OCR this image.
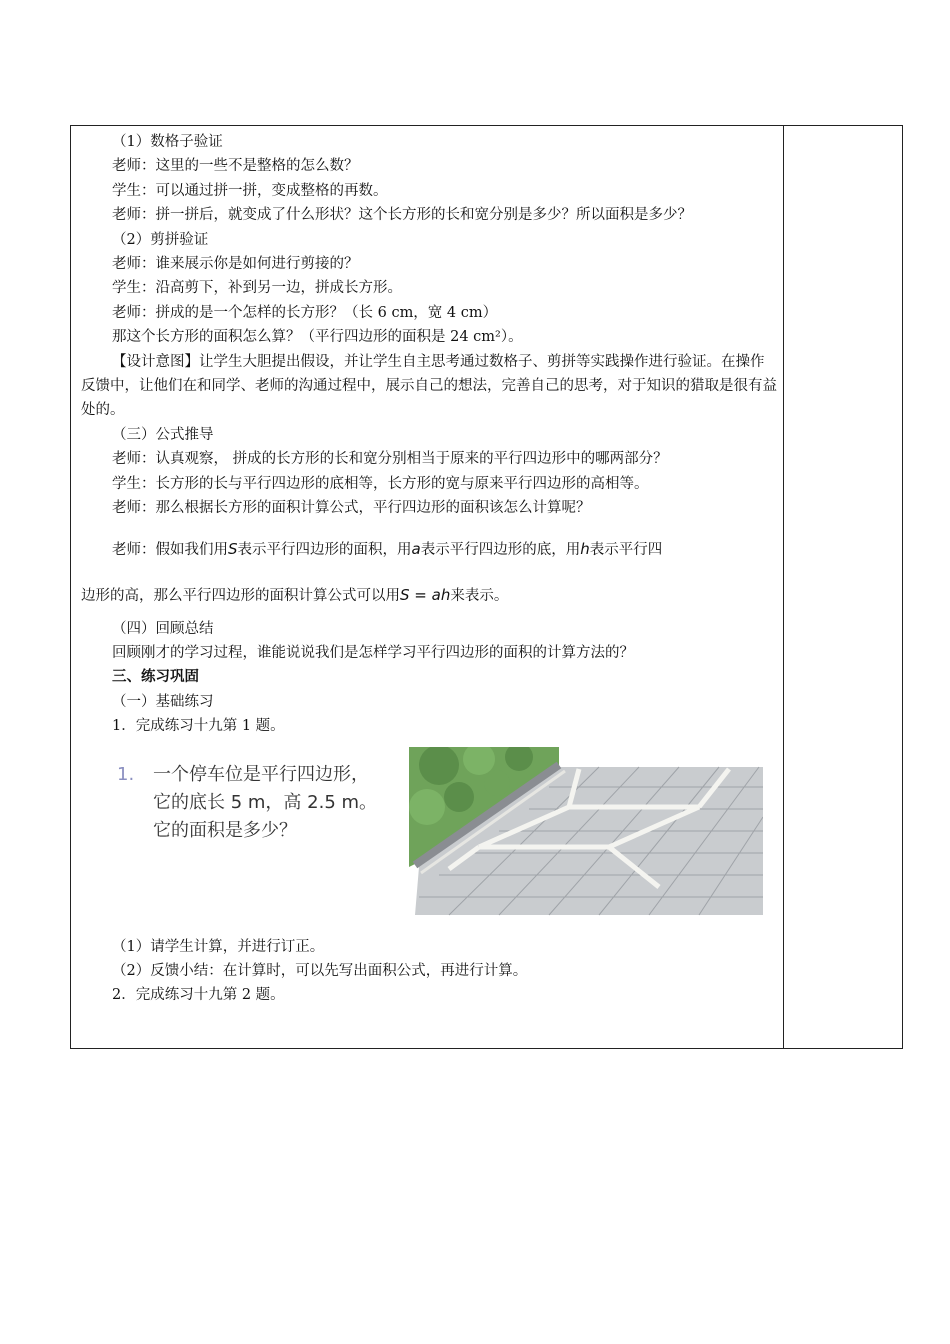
（1）数格子验证

老师：这里的一些不是整格的怎么数？

学生：可以通过拼一拼，变成整格的再数。

老师：拼一拼后，就变成了什么形状？这个长方形的长和宽分别是多少？所以面积是多少？

（2）剪拼验证

老师：谁来展示你是如何进行剪接的？

学生：沿高剪下，补到另一边，拼成长方形。

老师：拼成的是一个怎样的长方形？（长 6 cm，宽 4 cm）

那这个长方形的面积怎么算？（平行四边形的面积是 24 cm²）。

【设计意图】让学生大胆提出假设，并让学生自主思考通过数格子、剪拼等实践操作进行验证。在操作反馈中，让他们在和同学、老师的沟通过程中，展示自己的想法，完善自己的思考，对于知识的猎取是很有益处的。

（三）公式推导

老师：认真观察， 拼成的长方形的长和宽分别相当于原来的平行四边形中的哪两部分？

学生：长方形的长与平行四边形的底相等，长方形的宽与原来平行四边形的高相等。

老师：那么根据长方形的面积计算公式，平行四边形的面积该怎么计算呢？

老师：假如我们用S表示平行四边形的面积，用a表示平行四边形的底，用h表示平行四

边形的高，那么平行四边形的面积计算公式可以用S = ah来表示。

（四）回顾总结

回顾刚才的学习过程，谁能说说我们是怎样学习平行四边形的面积的计算方法的？

三、练习巩固

（一）基础练习

1．完成练习十九第 1 题。

1. 一个停车位是平行四边形，
它的底长 5 m，高 2.5 m。
它的面积是多少？

（1）请学生计算，并进行订正。

（2）反馈小结：在计算时，可以先写出面积公式，再进行计算。

2．完成练习十九第 2 题。
